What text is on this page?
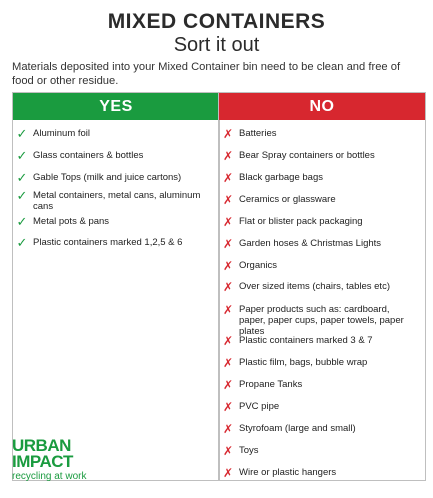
MIXED CONTAINERS
Sort it out
Materials deposited into your Mixed Container bin need to be clean and free of food or other residue.
YES
✓ Aluminum foil
✓ Glass containers & bottles
✓ Gable Tops (milk and juice cartons)
✓ Metal containers, metal cans, aluminum cans
✓ Metal pots & pans
✓ Plastic containers marked 1,2,5 & 6
NO
✗ Batteries
✗ Bear Spray containers or bottles
✗ Black garbage bags
✗ Ceramics or glassware
✗ Flat or blister pack packaging
✗ Garden hoses & Christmas Lights
✗ Organics
✗ Over sized items (chairs, tables etc)
✗ Paper products such as: cardboard, paper, paper cups, paper towels, paper plates
✗ Plastic containers marked 3 & 7
✗ Plastic film, bags, bubble wrap
✗ Propane Tanks
✗ PVC pipe
✗ Styrofoam (large and small)
✗ Toys
✗ Wire or plastic hangers
URBAN
IMPACT
recycling at work
